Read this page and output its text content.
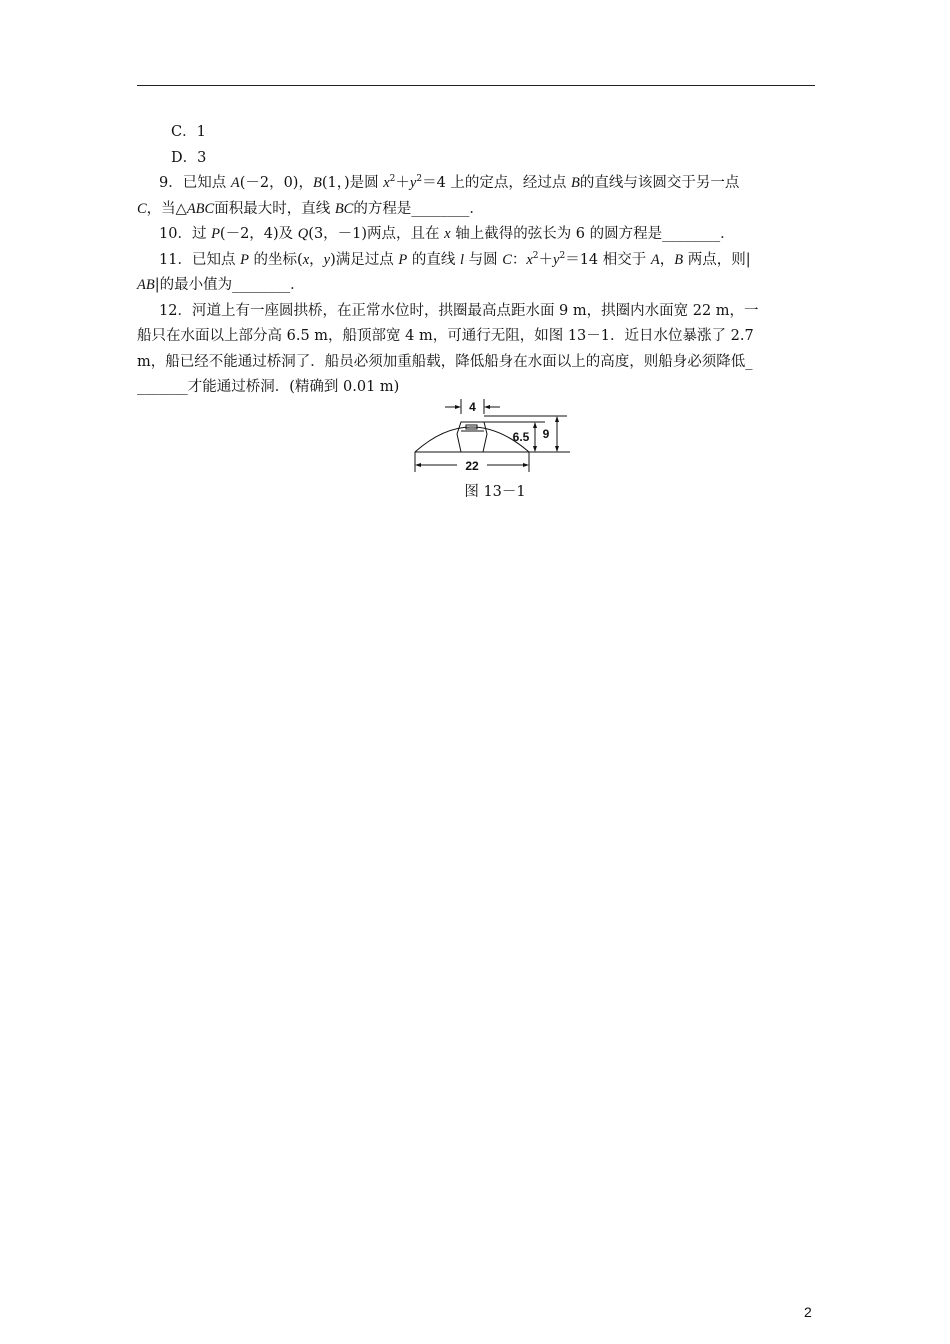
C．1
D．3
9．已知点 A(－2，0)，B(1，)是圆 $x^2+y^2=4$ 上的定点，经过点 B的直线与该圆交于另一点
C，当△ABC面积最大时，直线 BC的方程是________．
10．过 P(－2，4)及 Q(3，－1)两点，且在 x 轴上截得的弦长为 6 的圆方程是________．
11．已知点 P 的坐标(x，y)满足过点 P 的直线 l 与圆 C：$x^2+y^2=14$ 相交于 A，B 两点，则|
AB|的最小值为________．
12．河道上有一座圆拱桥，在正常水位时，拱圈最高点距水面 9 m，拱圈内水面宽 22 m，一
船只在水面以上部分高 6.5 m，船顶部宽 4 m，可通行无阻，如图 13－1．近日水位暴涨了 2.7
m，船已经不能通过桥洞了．船员必须加重船载，降低船身在水面以上的高度，则船身必须降低_
_______才能通过桥洞．(精确到 0.01 m)
4
22
6.5 9
图 13－1
2
